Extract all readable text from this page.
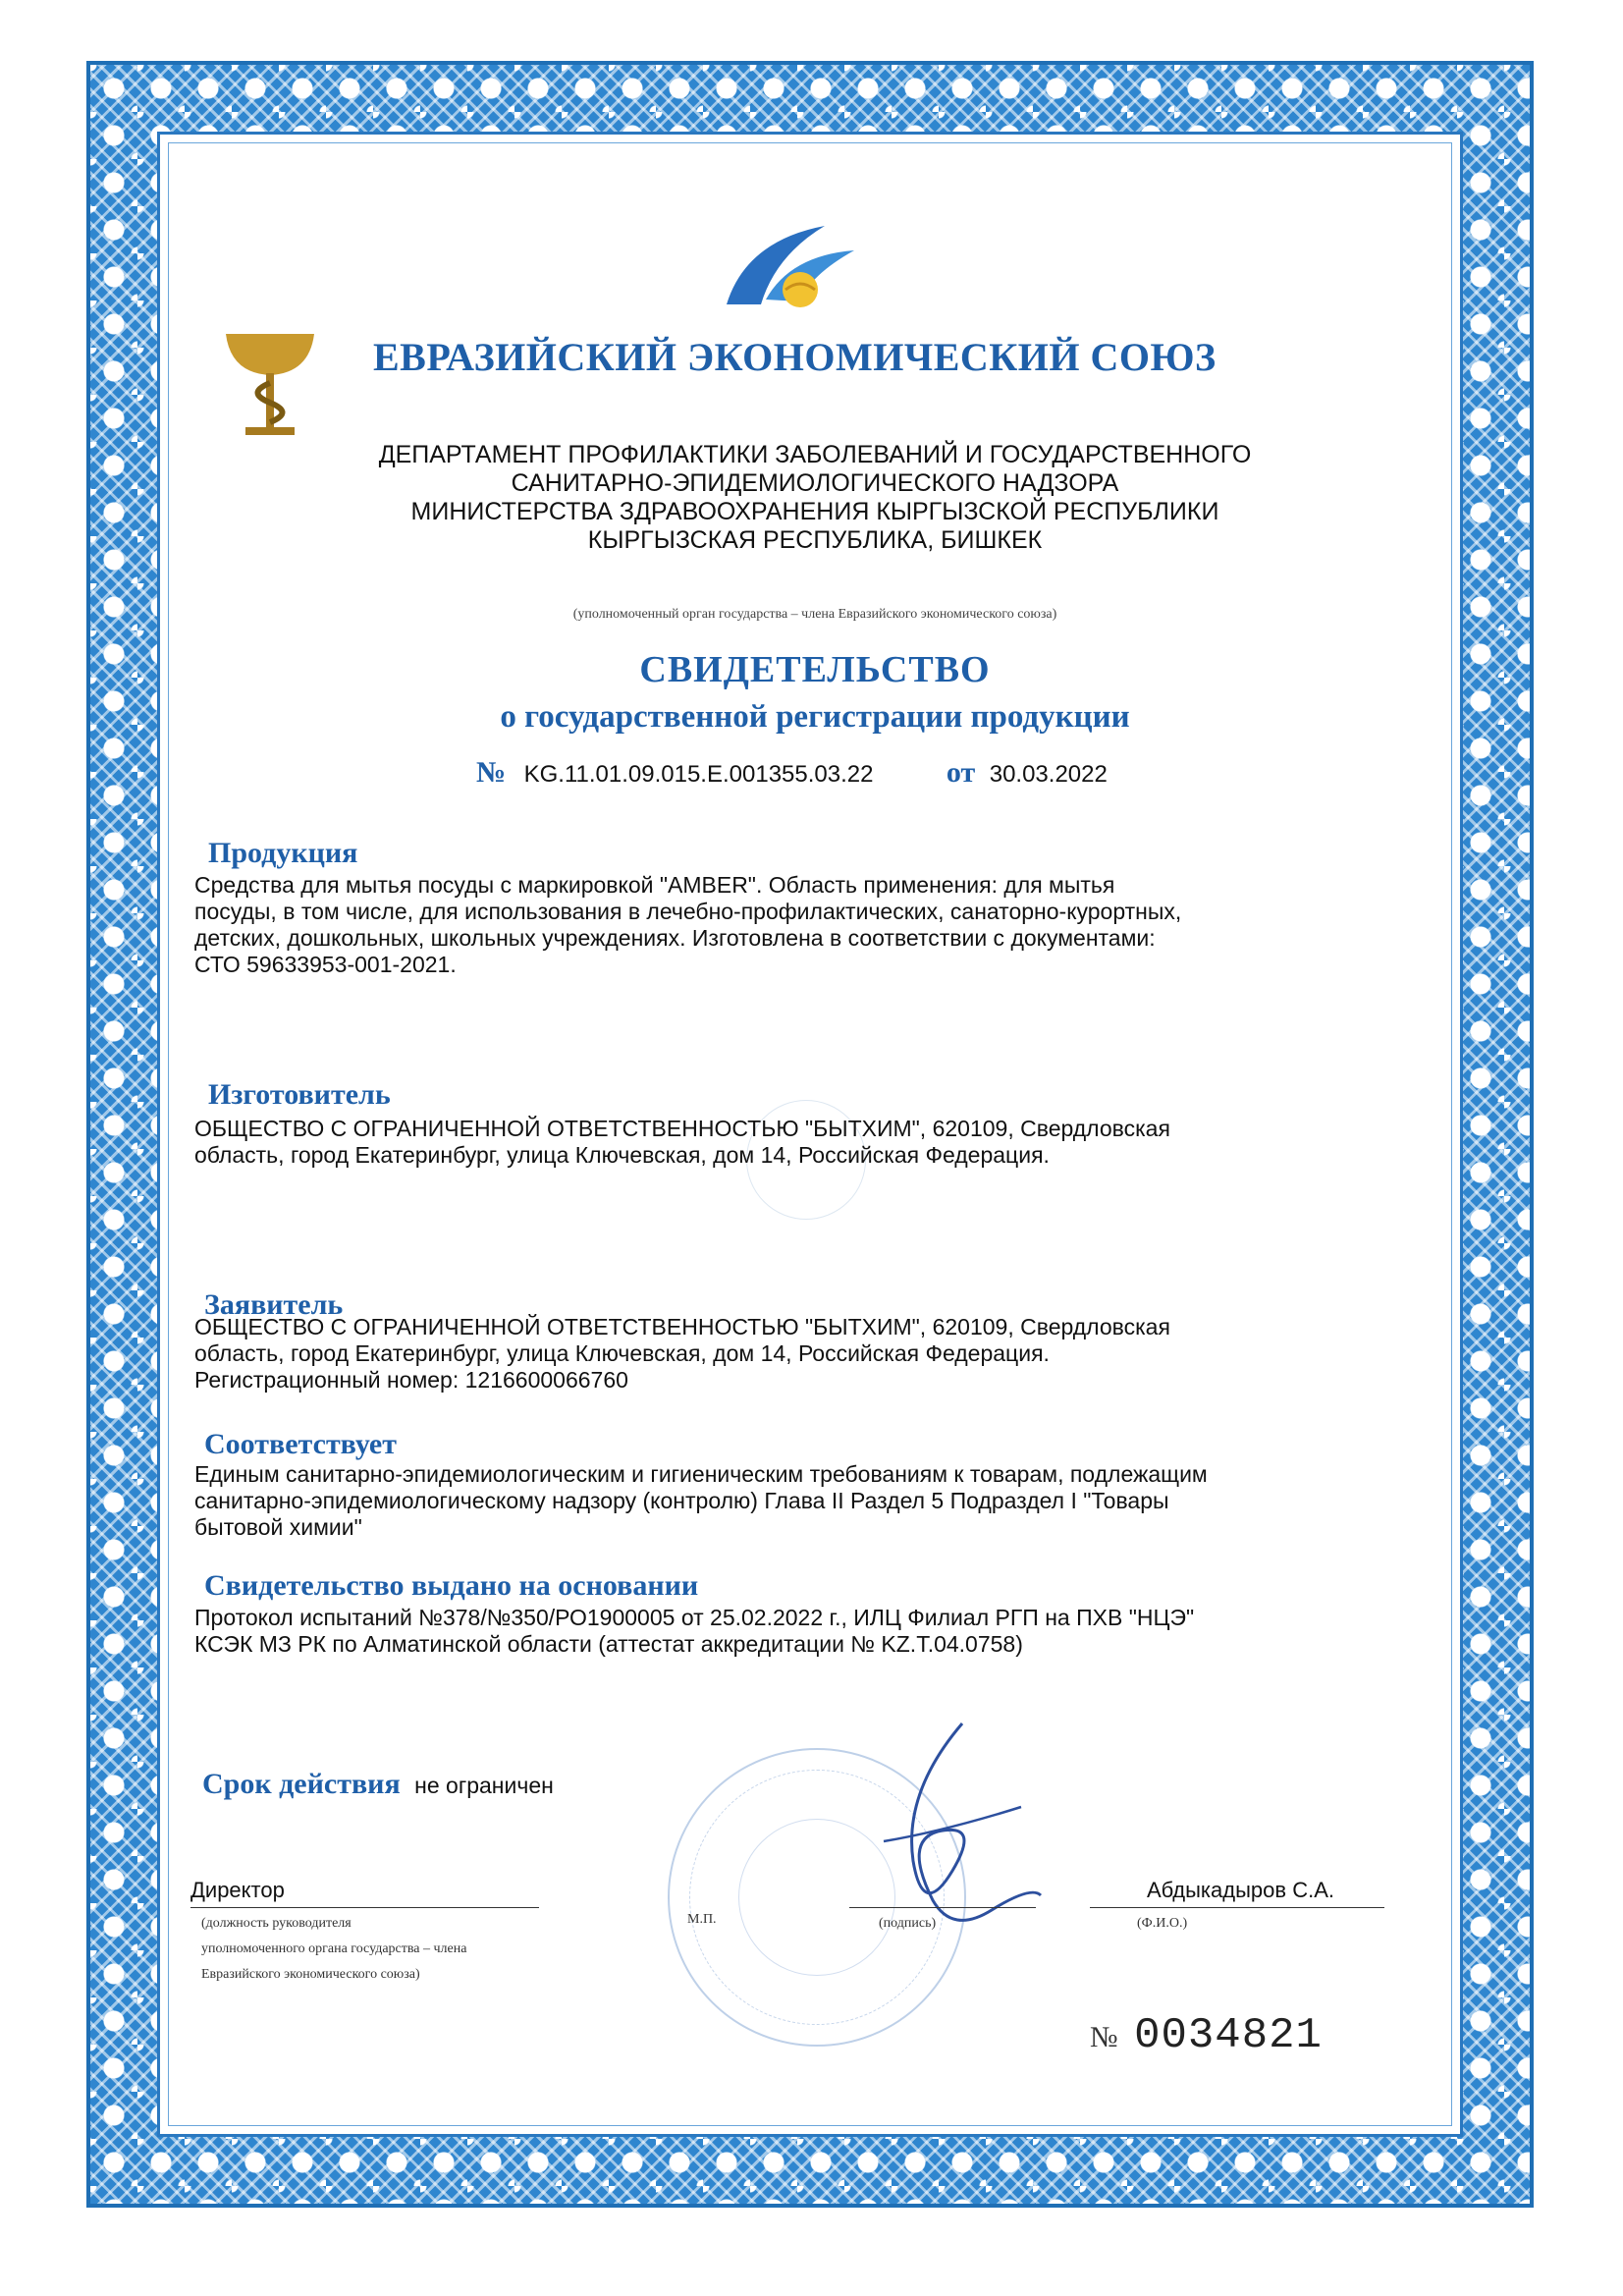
ЕВРАЗИЙСКИЙ ЭКОНОМИЧЕСКИЙ СОЮЗ
ДЕПАРТАМЕНТ ПРОФИЛАКТИКИ ЗАБОЛЕВАНИЙ И ГОСУДАРСТВЕННОГО
САНИТАРНО-ЭПИДЕМИОЛОГИЧЕСКОГО НАДЗОРА
МИНИСТЕРСТВА ЗДРАВООХРАНЕНИЯ КЫРГЫЗСКОЙ РЕСПУБЛИКИ
КЫРГЫЗСКАЯ РЕСПУБЛИКА, БИШКЕК
(уполномоченный орган государства – члена Евразийского экономического союза)
СВИДЕТЕЛЬСТВО
о государственной регистрации продукции
№ KG.11.01.09.015.E.001355.03.22 от 30.03.2022
Продукция
Средства для мытья посуды с маркировкой "AMBER". Область применения: для мытья
посуды, в том числе, для использования в лечебно-профилактических, санаторно-курортных,
детских, дошкольных, школьных учреждениях. Изготовлена в соответствии с документами:
СТО 59633953-001-2021.
Изготовитель
ОБЩЕСТВО С ОГРАНИЧЕННОЙ ОТВЕТСТВЕННОСТЬЮ "БЫТХИМ", 620109, Свердловская
область, город Екатеринбург, улица Ключевская, дом 14, Российская Федерация.
Заявитель
ОБЩЕСТВО С ОГРАНИЧЕННОЙ ОТВЕТСТВЕННОСТЬЮ "БЫТХИМ", 620109, Свердловская
область, город Екатеринбург, улица Ключевская, дом 14, Российская Федерация.
Регистрационный номер: 1216600066760
Соответствует
Единым санитарно-эпидемиологическим и гигиеническим требованиям к товарам, подлежащим
санитарно-эпидемиологическому надзору (контролю) Глава II Раздел 5 Подраздел I "Товары
бытовой химии"
Свидетельство выдано на основании
Протокол испытаний №378/№350/РО1900005 от 25.02.2022 г., ИЛЦ Филиал РГП на ПХВ "НЦЭ"
КСЭК МЗ РК по Алматинской области (аттестат аккредитации № KZ.T.04.0758)
Срок действия не ограничен
Директор
(должность руководителя
уполномоченного органа государства – члена
Евразийского экономического союза)
М.П.	(подпись)
Абдыкадыров С.А.
(Ф.И.О.)
№ 0034821
